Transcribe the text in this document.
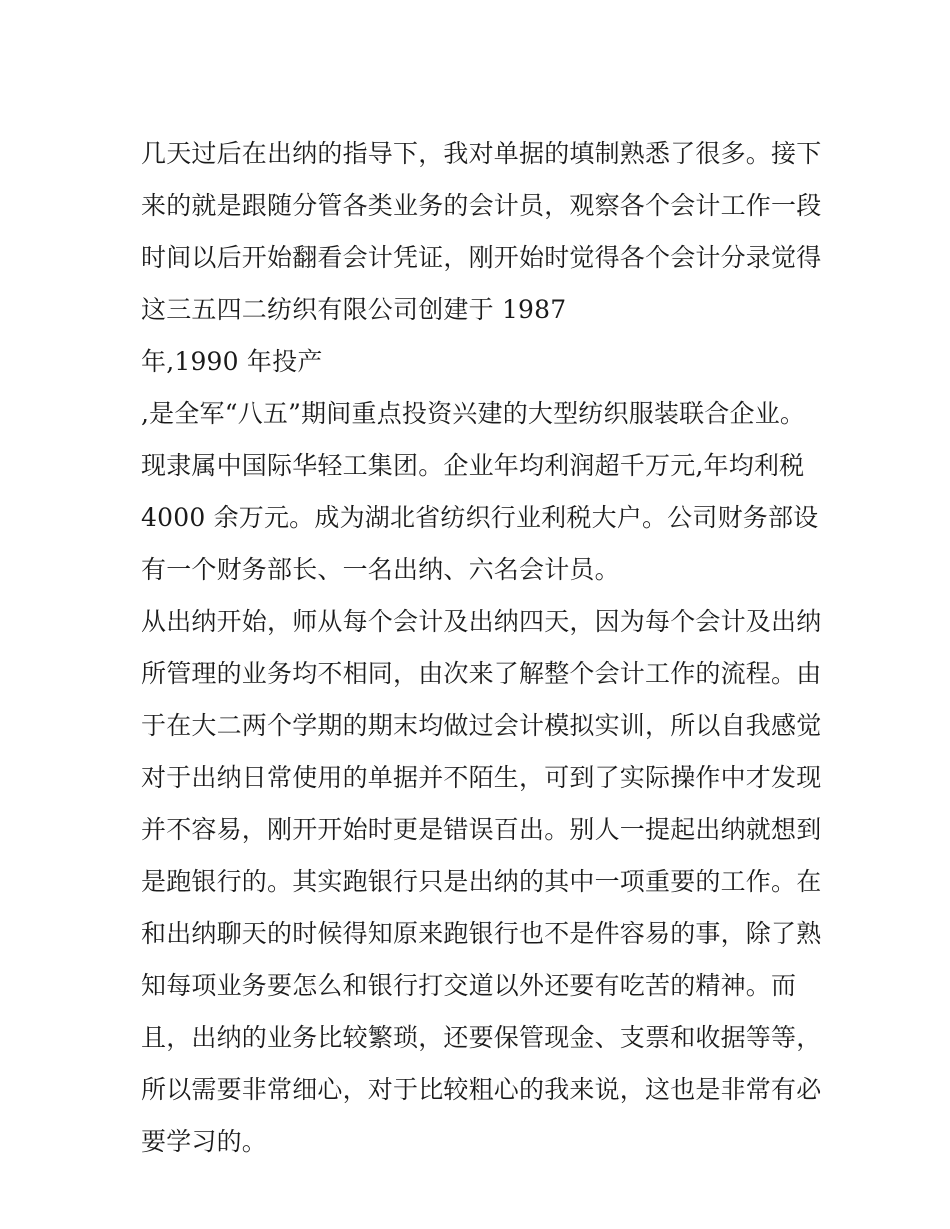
几天过后在出纳的指导下，我对单据的填制熟悉了很多。接下
来的就是跟随分管各类业务的会计员，观察各个会计工作一段
时间以后开始翻看会计凭证，刚开始时觉得各个会计分录觉得
这三五四二纺织有限公司创建于 1987
年,1990 年投产
,是全军“八五”期间重点投资兴建的大型纺织服装联合企业。
现隶属中国际华轻工集团。企业年均利润超千万元,年均利税
4000 余万元。成为湖北省纺织行业利税大户。公司财务部设
有一个财务部长、一名出纳、六名会计员。
从出纳开始，师从每个会计及出纳四天，因为每个会计及出纳
所管理的业务均不相同，由次来了解整个会计工作的流程。由
于在大二两个学期的期末均做过会计模拟实训，所以自我感觉
对于出纳日常使用的单据并不陌生，可到了实际操作中才发现
并不容易，刚开开始时更是错误百出。别人一提起出纳就想到
是跑银行的。其实跑银行只是出纳的其中一项重要的工作。在
和出纳聊天的时候得知原来跑银行也不是件容易的事，除了熟
知每项业务要怎么和银行打交道以外还要有吃苦的精神。而
且，出纳的业务比较繁琐，还要保管现金、支票和收据等等，
所以需要非常细心，对于比较粗心的我来说，这也是非常有必
要学习的。
